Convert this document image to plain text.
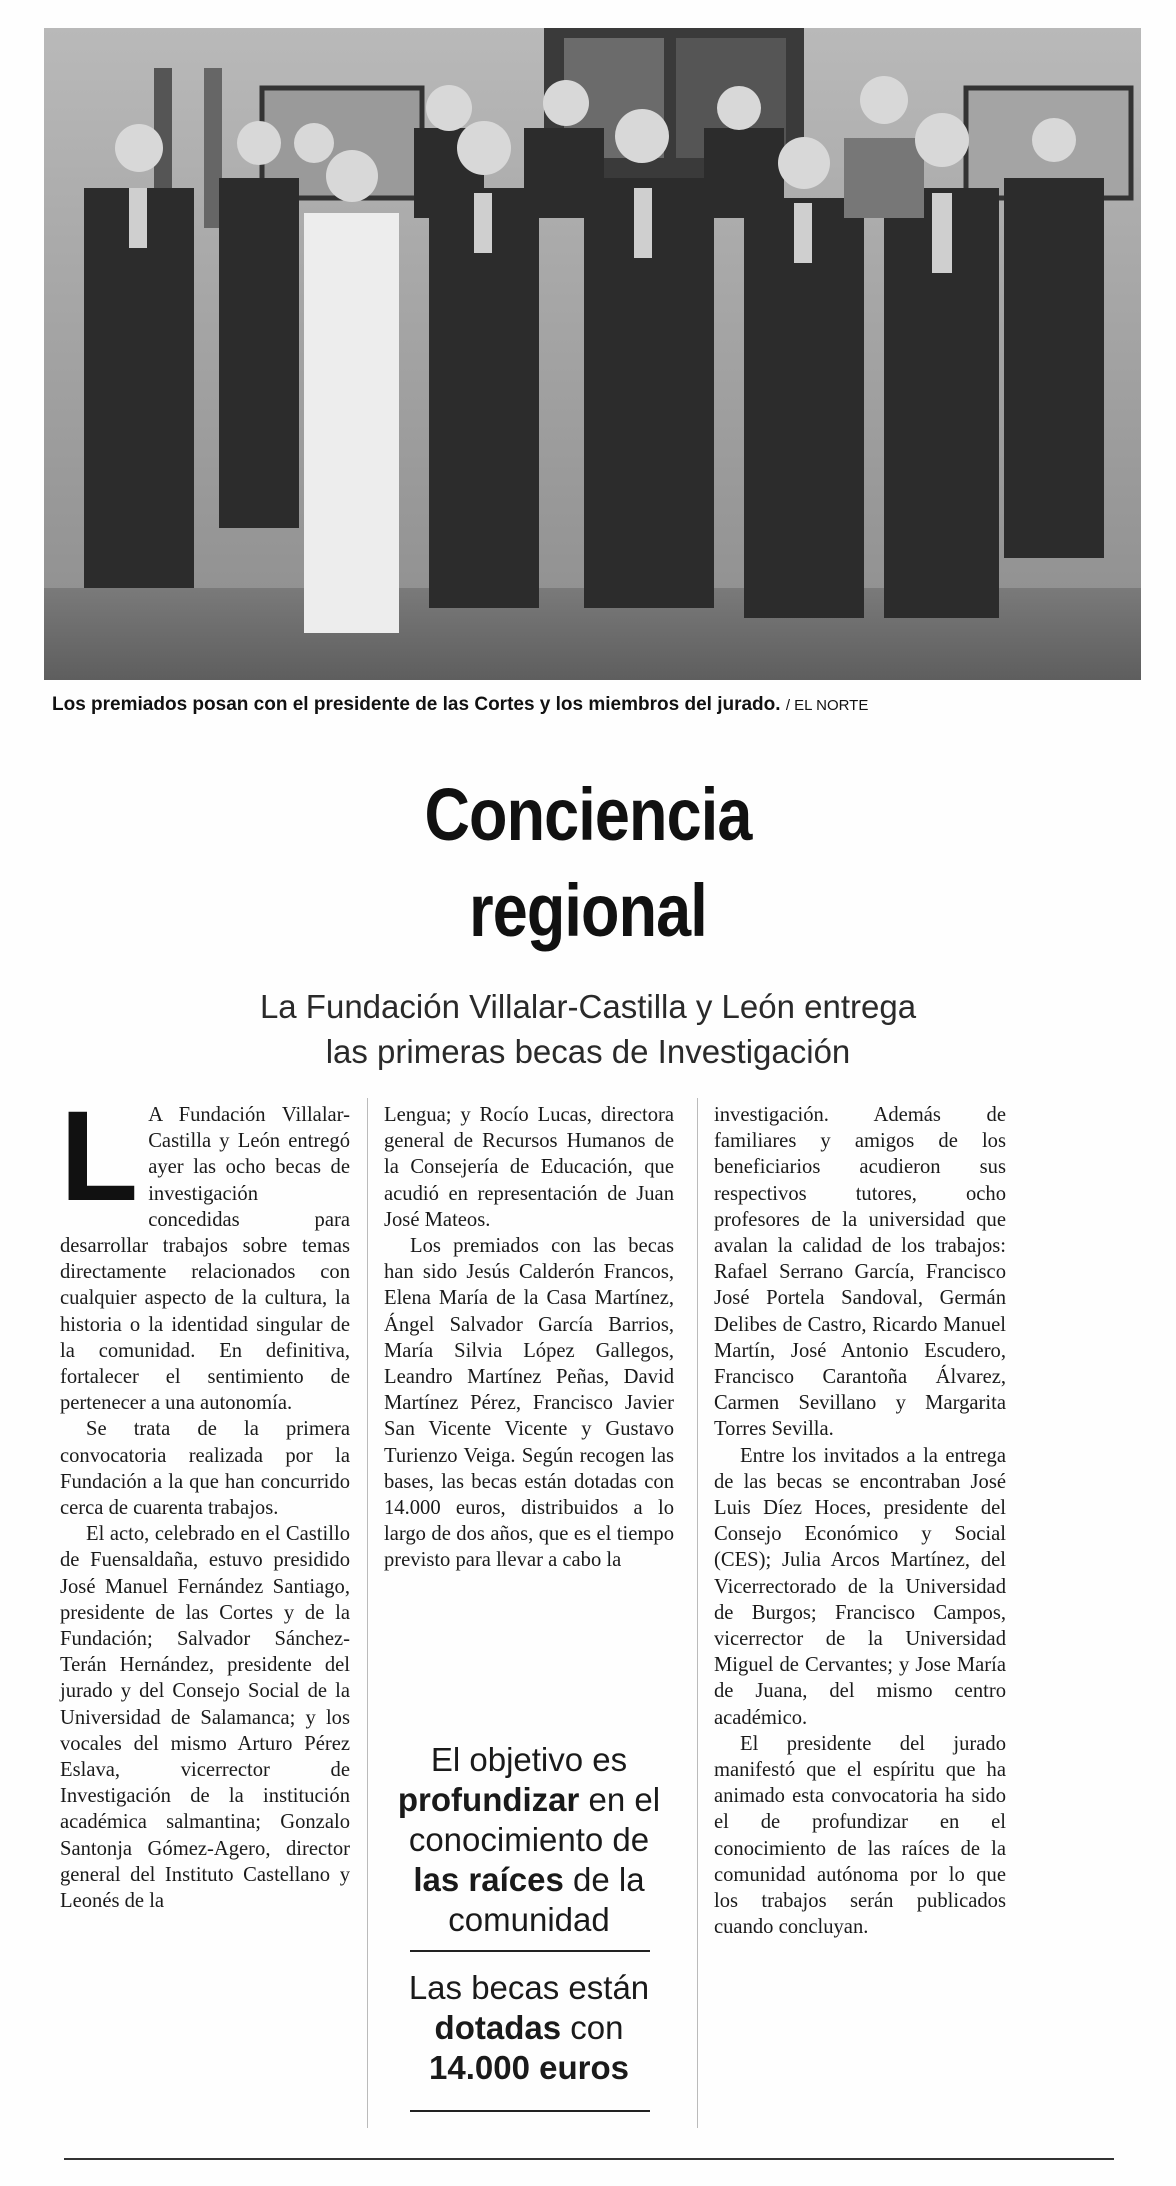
Los premiados posan con el presidente de las Cortes y los miembros del jurado. / EL NORTE
Conciencia
regional
La Fundación Villalar-Castilla y León entrega
las primeras becas de Investigación

L A Fundación Villalar-Castilla y León entregó ayer las ocho becas de investigación concedidas para desarrollar trabajos sobre temas directamente relacionados con cualquier aspecto de la cultura, la historia o la identidad singular de la comunidad. En definitiva, fortalecer el sentimiento de pertenecer a una autonomía.

Se trata de la primera convocatoria realizada por la Fundación a la que han concurrido cerca de cuarenta trabajos.

El acto, celebrado en el Castillo de Fuensaldaña, estuvo presidido José Manuel Fernández Santiago, presidente de las Cortes y de la Fundación; Salvador Sánchez-Terán Hernández, presidente del jurado y del Consejo Social de la Universidad de Salamanca; y los vocales del mismo Arturo Pérez Eslava, vicerrector de Investigación de la institución académica salmantina; Gonzalo Santonja Gómez-Agero, director general del Instituto Castellano y Leonés de la

Lengua; y Rocío Lucas, directora general de Recursos Humanos de la Consejería de Educación, que acudió en representación de Juan José Mateos.

Los premiados con las becas han sido Jesús Calderón Francos, Elena María de la Casa Martínez, Ángel Salvador García Barrios, María Silvia López Gallegos, Leandro Martínez Peñas, David Martínez Pérez, Francisco Javier San Vicente Vicente y Gustavo Turienzo Veiga. Según recogen las bases, las becas están dotadas con 14.000 euros, distribuidos a lo largo de dos años, que es el tiempo previsto para llevar a cabo la

El objetivo es profundizar en el conocimiento de las raíces de la comunidad
Las becas están dotadas con 14.000 euros

investigación. Además de familiares y amigos de los beneficiarios acudieron sus respectivos tutores, ocho profesores de la universidad que avalan la calidad de los trabajos: Rafael Serrano García, Francisco José Portela Sandoval, Germán Delibes de Castro, Ricardo Manuel Martín, José Antonio Escudero, Francisco Carantoña Álvarez, Carmen Sevillano y Margarita Torres Sevilla.

Entre los invitados a la entrega de las becas se encontraban José Luis Díez Hoces, presidente del Consejo Económico y Social (CES); Julia Arcos Martínez, del Vicerrectorado de la Universidad de Burgos; Francisco Campos, vicerrector de la Universidad Miguel de Cervantes; y Jose María de Juana, del mismo centro académico.

El presidente del jurado manifestó que el espíritu que ha animado esta convocatoria ha sido el de profundizar en el conocimiento de las raíces de la comunidad autónoma por lo que los trabajos serán publicados cuando concluyan.
